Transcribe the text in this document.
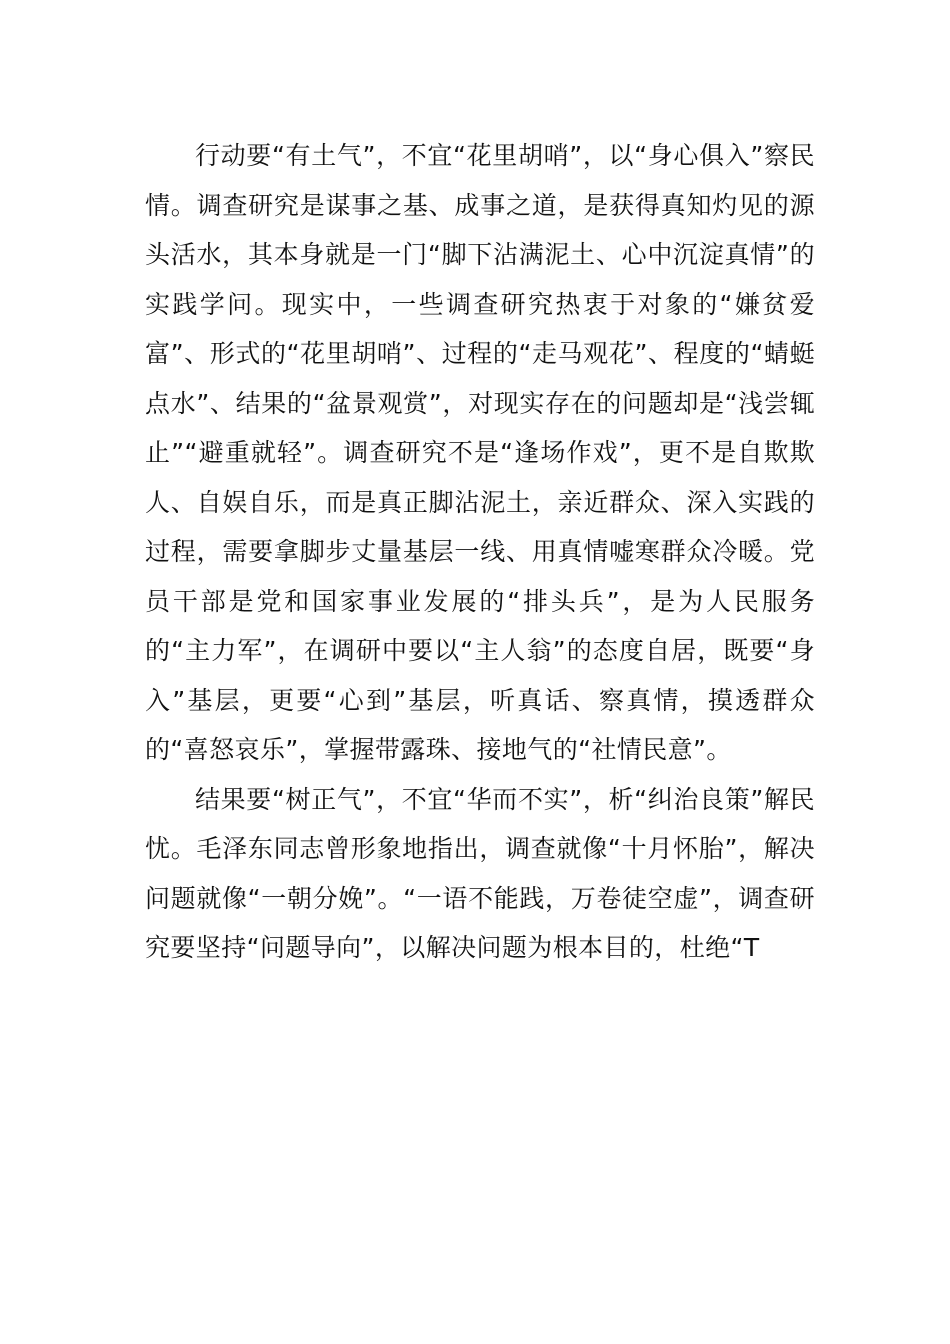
行动要“有土气”，不宜“花里胡哨”，以“身心俱入”察民情。调查研究是谋事之基、成事之道，是获得真知灼见的源头活水，其本身就是一门“脚下沾满泥土、心中沉淀真情”的实践学问。现实中，一些调查研究热衷于对象的“嫌贫爱富”、形式的“花里胡哨”、过程的“走马观花”、程度的“蜻蜓点水”、结果的“盆景观赏”，对现实存在的问题却是“浅尝辄止”“避重就轻”。调查研究不是“逢场作戏”，更不是自欺欺人、自娱自乐，而是真正脚沾泥土，亲近群众、深入实践的过程，需要拿脚步丈量基层一线、用真情嘘寒群众冷暖。党员干部是党和国家事业发展的“排头兵”，是为人民服务的“主力军”，在调研中要以“主人翁”的态度自居，既要“身入”基层，更要“心到”基层，听真话、察真情，摸透群众的“喜怒哀乐”，掌握带露珠、接地气的“社情民意”。

结果要“树正气”，不宜“华而不实”，析“纠治良策”解民忧。毛泽东同志曾形象地指出，调查就像“十月怀胎”，解决问题就像“一朝分娩”。“一语不能践，万卷徒空虚”，调查研究要坚持“问题导向”，以解决问题为根本目的，杜绝“T
